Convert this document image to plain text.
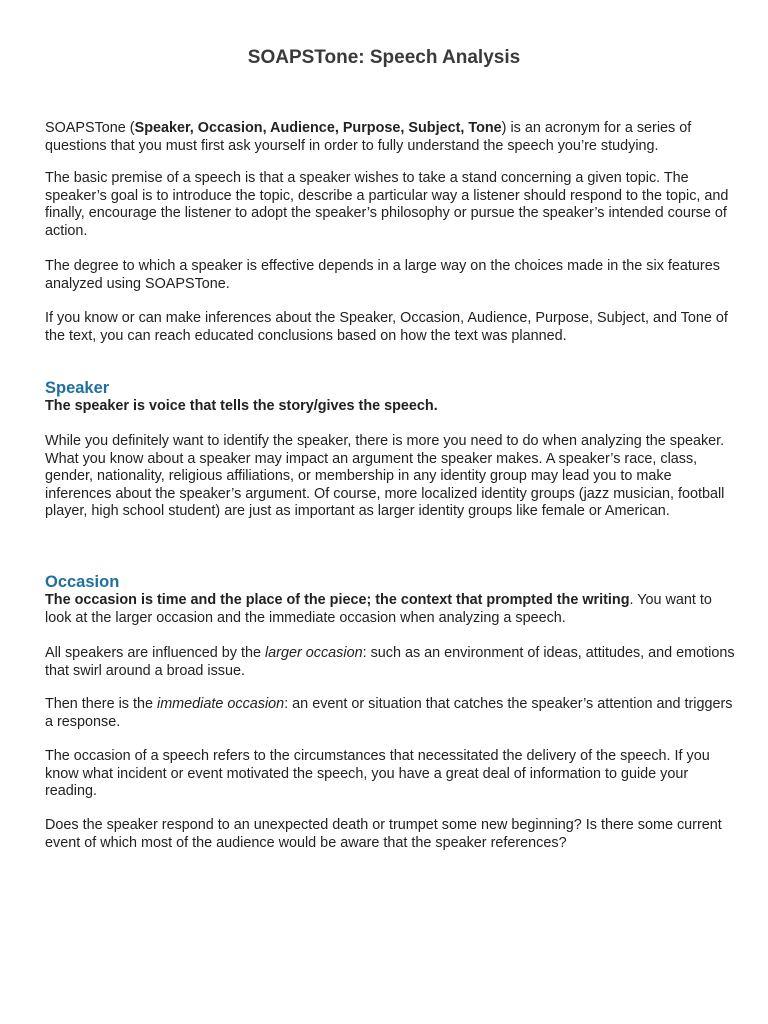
SOAPSTone: Speech Analysis

SOAPSTone (Speaker, Occasion, Audience, Purpose, Subject, Tone) is an acronym for a series of questions that you must first ask yourself in order to fully understand the speech you’re studying.

The basic premise of a speech is that a speaker wishes to take a stand concerning a given topic. The speaker’s goal is to introduce the topic, describe a particular way a listener should respond to the topic, and finally, encourage the listener to adopt the speaker’s philosophy or pursue the speaker’s intended course of action.

The degree to which a speaker is effective depends in a large way on the choices made in the six features analyzed using SOAPSTone.

If you know or can make inferences about the Speaker, Occasion, Audience, Purpose, Subject, and Tone of the text, you can reach educated conclusions based on how the text was planned.

Speaker
The speaker is voice that tells the story/gives the speech.

While you definitely want to identify the speaker, there is more you need to do when analyzing the speaker. What you know about a speaker may impact an argument the speaker makes. A speaker’s race, class, gender, nationality, religious affiliations, or membership in any identity group may lead you to make inferences about the speaker’s argument. Of course, more localized identity groups (jazz musician, football player, high school student) are just as important as larger identity groups like female or American.

Occasion

The occasion is time and the place of the piece; the context that prompted the writing. You want to look at the larger occasion and the immediate occasion when analyzing a speech.

All speakers are influenced by the larger occasion: such as an environment of ideas, attitudes, and emotions that swirl around a broad issue.

Then there is the immediate occasion: an event or situation that catches the speaker’s attention and triggers a response.

The occasion of a speech refers to the circumstances that necessitated the delivery of the speech. If you know what incident or event motivated the speech, you have a great deal of information to guide your reading.

Does the speaker respond to an unexpected death or trumpet some new beginning? Is there some current event of which most of the audience would be aware that the speaker references?
